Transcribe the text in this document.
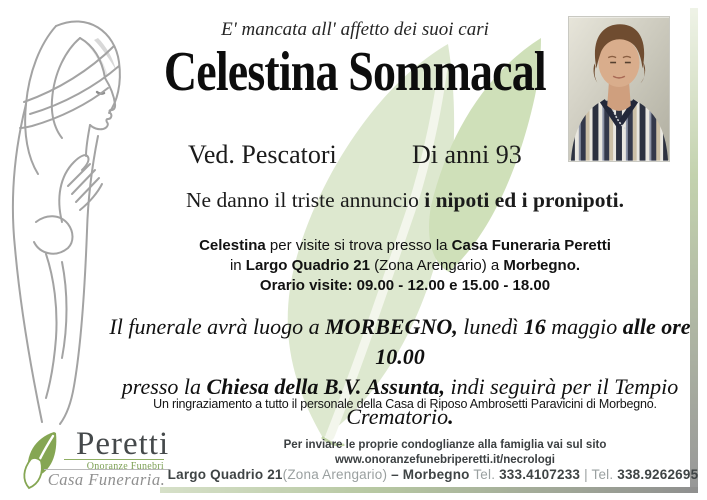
E' mancata all' affetto dei suoi cari
Celestina Sommacal
Ved. Pescatori	Di anni 93
Ne danno il triste annuncio i nipoti ed i pronipoti.
Celestina per visite si trova presso la Casa Funeraria Peretti
in Largo Quadrio 21 (Zona Arengario) a Morbegno.
Orario visite: 09.00 - 12.00 e 15.00 - 18.00
Il funerale avrà luogo a MORBEGNO, lunedì 16 maggio alle ore 10.00
presso la Chiesa della B.V. Assunta, indi seguirà per il Tempio Crematorio.
Un ringraziamento a tutto il personale della Casa di Riposo Ambrosetti Paravicini di Morbegno.
Peretti
Onoranze Funebri
Casa Funeraria.
Per inviare le proprie condoglianze alla famiglia vai sul sito
www.onoranzefunebriperetti.it/necrologi
Largo Quadrio 21(Zona Arengario) – Morbegno Tel. 333.4107233 | Tel. 338.9262695
